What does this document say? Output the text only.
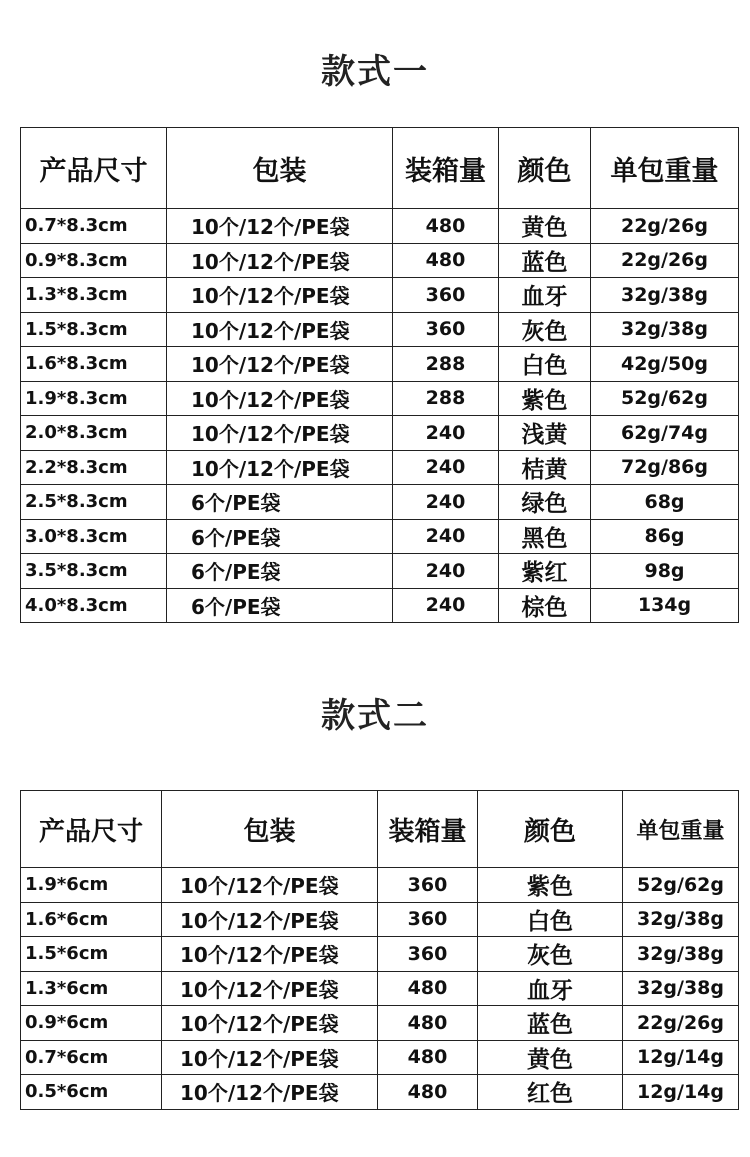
款式一
产品尺寸	包装	装箱量	颜色	单包重量
0.7*8.3cm	10个/12个/PE袋	480	黄色	22g/26g
0.9*8.3cm	10个/12个/PE袋	480	蓝色	22g/26g
1.3*8.3cm	10个/12个/PE袋	360	血牙	32g/38g
1.5*8.3cm	10个/12个/PE袋	360	灰色	32g/38g
1.6*8.3cm	10个/12个/PE袋	288	白色	42g/50g
1.9*8.3cm	10个/12个/PE袋	288	紫色	52g/62g
2.0*8.3cm	10个/12个/PE袋	240	浅黄	62g/74g
2.2*8.3cm	10个/12个/PE袋	240	桔黄	72g/86g
2.5*8.3cm	6个/PE袋	240	绿色	68g
3.0*8.3cm	6个/PE袋	240	黑色	86g
3.5*8.3cm	6个/PE袋	240	紫红	98g
4.0*8.3cm	6个/PE袋	240	棕色	134g
款式二
产品尺寸	包装	装箱量	颜色	单包重量
1.9*6cm	10个/12个/PE袋	360	紫色	52g/62g
1.6*6cm	10个/12个/PE袋	360	白色	32g/38g
1.5*6cm	10个/12个/PE袋	360	灰色	32g/38g
1.3*6cm	10个/12个/PE袋	480	血牙	32g/38g
0.9*6cm	10个/12个/PE袋	480	蓝色	22g/26g
0.7*6cm	10个/12个/PE袋	480	黄色	12g/14g
0.5*6cm	10个/12个/PE袋	480	红色	12g/14g
